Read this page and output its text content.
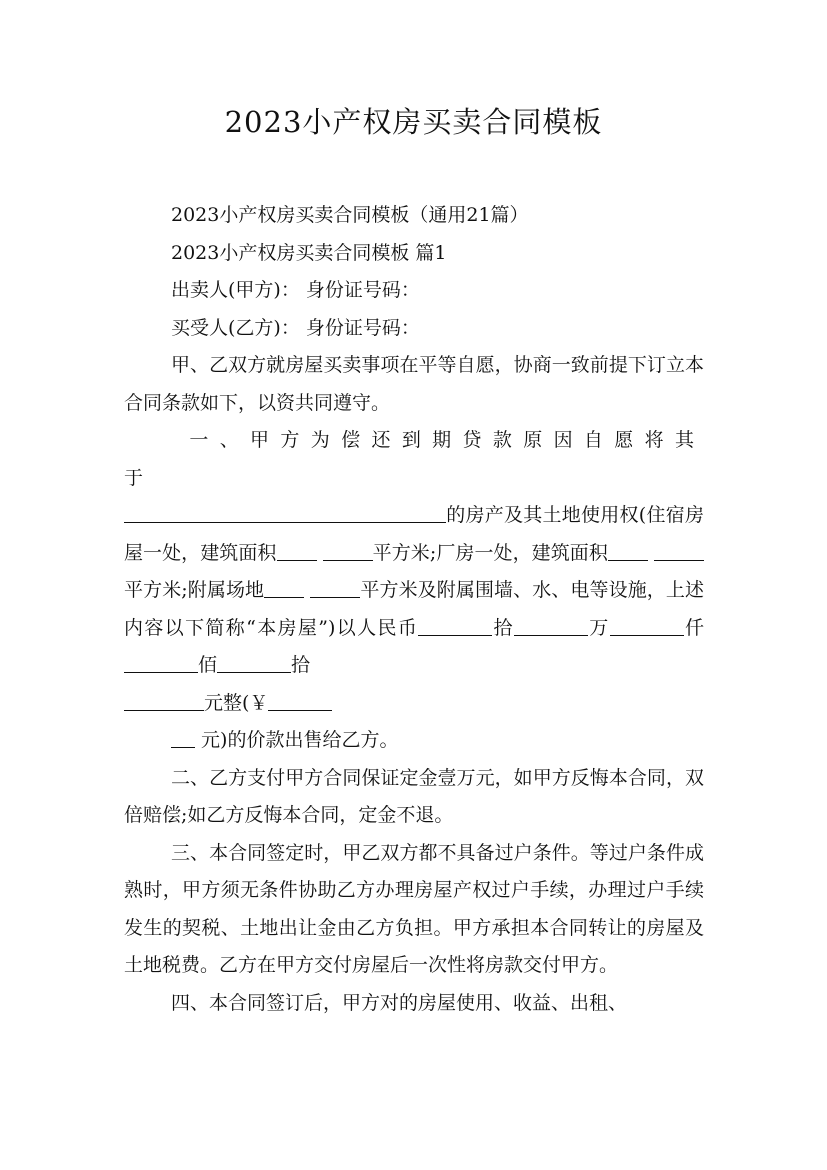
2023小产权房买卖合同模板

2023小产权房买卖合同模板（通用21篇）

2023小产权房买卖合同模板 篇1

出卖人(甲方)： 身份证号码：

买受人(乙方)： 身份证号码：

甲、乙双方就房屋买卖事项在平等自愿，协商一致前提下订立本合同条款如下，以资共同遵守。

一、甲方为偿还到期贷款原因自愿将其于
的房产及其土地使用权(住宿房屋一处，建筑面积	平方米;厂房一处，建筑面积 平方米;附属场地	平方米及附属围墙、水、电等设施，上述内容以下简称“本房屋”)以人民币	拾	万	仟佰	拾
元整(￥

元)的价款出售给乙方。

二、乙方支付甲方合同保证定金壹万元，如甲方反悔本合同，双倍赔偿;如乙方反悔本合同，定金不退。

三、本合同签定时，甲乙双方都不具备过户条件。等过户条件成熟时，甲方须无条件协助乙方办理房屋产权过户手续，办理过户手续发生的契税、土地出让金由乙方负担。甲方承担本合同转让的房屋及土地税费。乙方在甲方交付房屋后一次性将房款交付甲方。

四、本合同签订后，甲方对的房屋使用、收益、出租、
